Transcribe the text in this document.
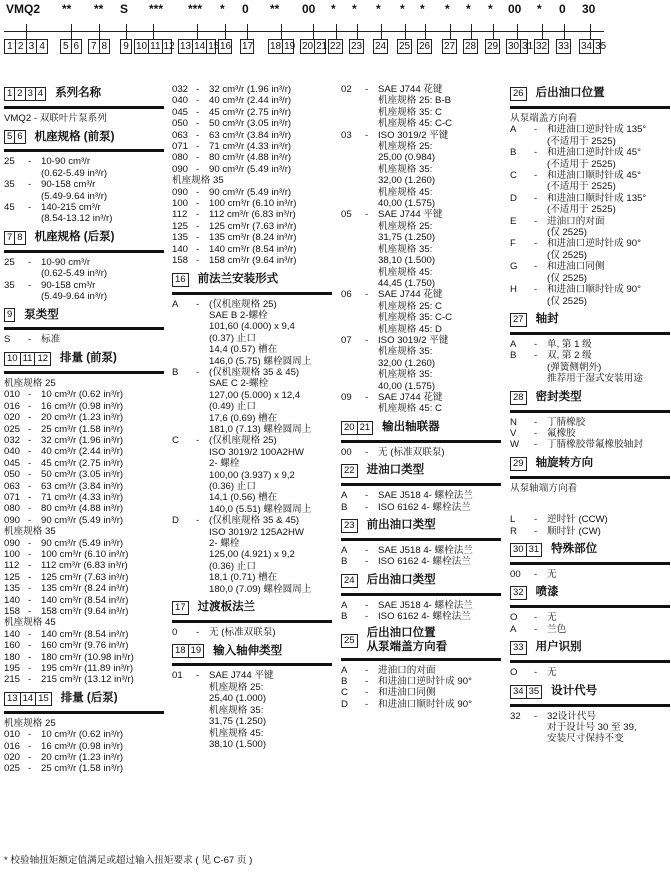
VMQ2 ** ** S *** *** * 0 ** 00 * * * * * * * * 00 * 0 30
1 2 3 4 5 6 7 8 9 10 11 12 13 14 15 16 17 18 19 20 21 22 23 24 25 26 27 28 29 30 31 32 33 34 35
1 2 3 4 系列名称
VMQ2 - 双联叶片泵系列
5 6 机座规格 (前泵)
25	-	10-90 cm³/r
(0.62-5.49 in³/r)
35	-	90-158 cm³/r
(5.49-9.64 in³/r)
45	-	140-215 cm³/r
(8.54-13.12 in³/r)
7 8 机座规格 (后泵)
25	-	10-90 cm³/r
(0.62-5.49 in³/r)
35	-	90-158 cm³/r
(5.49-9.64 in³/r)
9 泵类型
S	-	标准
10 11 12 排量 (前泵)
机座规格 25
010 -	10 cm³/r (0.62 in³/r)
016 -	16 cm³/r (0.98 in³/r)
020 -	20 cm³/r (1.23 in³/r)
025 -	25 cm³/r (1.58 in³/r)
032 -	32 cm³/r (1.96 in³/r)
040 -	40 cm³/r (2.44 in³/r)
045 -	45 cm³/r (2.75 in³/r)
050 -	50 cm³/r (3.05 in³/r)
063 -	63 cm³/r (3.84 in³/r)
071 -	71 cm³/r (4.33 in³/r)
080 -	80 cm³/r (4.88 in³/r)
090 -	90 cm³/r (5.49 in³/r)
机座规格 35
090 -	90 cm³/r (5.49 in³/r)
100 -	100 cm³/r (6.10 in³/r)
112 -	112 cm³/r (6.83 in³/r)
125 -	125 cm³/r (7.63 in³/r)
135 -	135 cm³/r (8.24 in³/r)
140 -	140 cm³/r (8.54 in³/r)
158 -	158 cm³/r (9.64 in³/r)
机座规格 45
140 -	140 cm³/r (8.54 in³/r)
160 -	160 cm³/r (9.76 in³/r)
180 -	180 cm³/r (10.98 in³/r)
195 -	195 cm³/r (11.89 in³/r)
215 -	215 cm³/r (13.12 in³/r)
13 14 15 排量 (后泵)
机座规格 25
010 -	10 cm³/r (0.62 in³/r)
016 -	16 cm³/r (0.98 in³/r)
020 -	20 cm³/r (1.23 in³/r)
025 -	25 cm³/r (1.58 in³/r)
032 -	32 cm³/r (1.96 in³/r)
040 -	40 cm³/r (2.44 in³/r)
045 -	45 cm³/r (2.75 in³/r)
050 -	50 cm³/r (3.05 in³/r)
063 -	63 cm³/r (3.84 in³/r)
071 -	71 cm³/r (4.33 in³/r)
080 -	80 cm³/r (4.88 in³/r)
090 -	90 cm³/r (5.49 in³/r)
机座规格 35
090 -	90 cm³/r (5.49 in³/r)
100 -	100 cm³/r (6.10 in³/r)
112 -	112 cm³/r (6.83 in³/r)
125 -	125 cm³/r (7.63 in³/r)
135 -	135 cm³/r (8.24 in³/r)
140 -	140 cm³/r (8.54 in³/r)
158 -	158 cm³/r (9.64 in³/r)
16 前法兰安装形式
A	-	(仅机座规格 25)
SAE B 2-螺栓
101,60 (4.000) x 9,4
(0.37) 止口
14,4 (0.57) 槽在
146,0 (5.75) 螺栓圆周上
B	-	(仅机座规格 35 & 45)
SAE C 2-螺栓
127,00 (5.000) x 12,4
(0.49) 止口
17,6 (0.69) 槽在
181,0 (7.13) 螺栓圆周上
C	-	(仅机座规格 25)
ISO 3019/2 100A2HW
2- 螺栓
100,00 (3.937) x 9,2
(0.36) 止口
14,1 (0.56) 槽在
140,0 (5.51) 螺栓圆周上
D	-	(仅机座规格 35 & 45)
ISO 3019/2 125A2HW
2- 螺栓
125,00 (4.921) x 9,2
(0.36) 止口
18,1 (0.71) 槽在
180,0 (7.09) 螺栓圆周上
17 过渡板法兰
0	-	无 (标准双联泵)
18 19 输入轴伸类型
01	-	SAE J744 平键
机座规格 25:
25,40 (1.000)
机座规格 35:
31,75 (1.250)
机座规格 45:
38,10 (1.500)
02	-	SAE J744 花键
机座规格 25: B-B
机座规格 35: C
机座规格 45: C-C
03	-	ISO 3019/2 平键
机座规格 25:
25,00 (0.984)
机座规格 35:
32,00 (1.260)
机座规格 45:
40,00 (1.575)
05	-	SAE J744 平键
机座规格 25:
31,75 (1.250)
机座规格 35:
38,10 (1.500)
机座规格 45:
44,45 (1.750)
06	-	SAE J744 花键
机座规格 25: C
机座规格 35: C-C
机座规格 45: D
07	-	ISO 3019/2 平键
机座规格 35:
32,00 (1.260)
机座规格 35:
40,00 (1.575)
09	-	SAE J744 花键
机座规格 45: C
20 21 输出轴联器
00	-	无 (标准双联泵)
22 进油口类型
A	-	SAE J518 4- 螺栓法兰
B	-	ISO 6162 4- 螺栓法兰
23 前出油口类型
A	-	SAE J518 4- 螺栓法兰
B	-	ISO 6162 4- 螺栓法兰
24 后出油口类型
A	-	SAE J518 4- 螺栓法兰
B	-	ISO 6162 4- 螺栓法兰
25
后出油口位置
从泵端盖方向看
A	-	进油口的对面
B	-	和进油口逆时针成 90°
C	-	和进油口同侧
D	-	和进油口顺时针成 90°
26 后出油口位置
从泵端盖方向看
A	-	和进油口逆时针成 135°
(不适用于 2525)
B	-	和进油口逆时针成 45°
(不适用于 2525)
C	-	和进油口顺时针成 45°
(不适用于 2525)
D	-	和进油口顺时针成 135°
(不适用于 2525)
E	-	进油口的对面
(仅 2525)
F	-	和进油口逆时针成 90°
(仅 2525)
G	-	和进油口同侧
(仅 2525)
H	-	和进油口顺时针成 90°
(仅 2525)
27 轴封
A	-	单, 第 1 级
B	-	双, 第 2 级
(弹簧侧朝外)
推荐用于湿式安装用途
28 密封类型
N	-	丁腈橡胶
V	-	氟橡胶
W	-	丁腈橡胶带氟橡胶轴封
29 轴旋转方向
从泵轴端方向看
L	-	逆时针 (CCW)
R	-	顺时针 (CW)
30 31 特殊部位
00	-	无
32 喷漆
O	-	无
A	-	兰色
33 用户识别
O	-	无
34 35 设计代号
32	-	32设计代号
对于设计号 30 至 39,
安装尺寸保持不变
* 校验轴扭矩额定值满足或超过输入扭矩要求 ( 见 C-67 页 )
